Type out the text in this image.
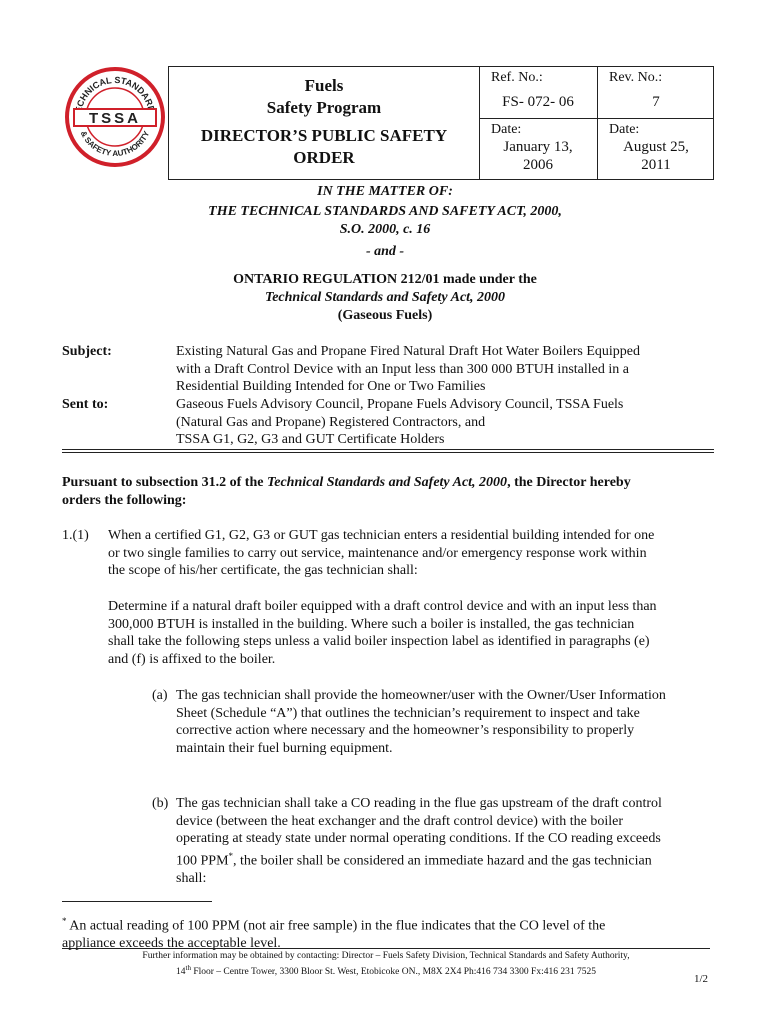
CHNICAL STANDAR
& SAFETY AUTHORITY
TSSA
Fuels
Safety Program
DIRECTOR’S PUBLIC SAFETY
ORDER
Ref. No.:
FS- 072- 06
Rev. No.:
7
Date:
January 13,
2006
Date:
August 25,
2011
IN THE MATTER OF:
THE TECHNICAL STANDARDS AND SAFETY ACT, 2000,
S.O. 2000, c. 16
- and -
ONTARIO REGULATION 212/01 made under the
Technical Standards and Safety Act, 2000
(Gaseous Fuels)
Subject:	Existing Natural Gas and Propane Fired Natural Draft Hot Water Boilers Equipped
with a Draft Control Device with an Input less than 300 000 BTUH installed in a
Residential Building Intended for One or Two Families
Sent to:	Gaseous Fuels Advisory Council, Propane Fuels Advisory Council, TSSA Fuels
(Natural Gas and Propane) Registered Contractors, and
TSSA G1, G2, G3 and GUT Certificate Holders
Pursuant to subsection 31.2 of the Technical Standards and Safety Act, 2000, the Director hereby
orders the following:
1.(1) When a certified G1, G2, G3 or GUT gas technician enters a residential building intended for one
or two single families to carry out service, maintenance and/or emergency response work within
the scope of his/her certificate, the gas technician shall:
Determine if a natural draft boiler equipped with a draft control device and with an input less than
300,000 BTUH is installed in the building. Where such a boiler is installed, the gas technician
shall take the following steps unless a valid boiler inspection label as identified in paragraphs (e)
and (f) is affixed to the boiler.
(a) The gas technician shall provide the homeowner/user with the Owner/User Information
Sheet (Schedule “A”) that outlines the technician’s requirement to inspect and take
corrective action where necessary and the homeowner’s responsibility to properly
maintain their fuel burning equipment.
(b) The gas technician shall take a CO reading in the flue gas upstream of the draft control
device (between the heat exchanger and the draft control device) with the boiler
operating at steady state under normal operating conditions. If the CO reading exceeds
100 PPM*, the boiler shall be considered an immediate hazard and the gas technician
shall:
* An actual reading of 100 PPM (not air free sample) in the flue indicates that the CO level of the
appliance exceeds the acceptable level.
Further information may be obtained by contacting: Director – Fuels Safety Division, Technical Standards and Safety Authority,
14th Floor – Centre Tower, 3300 Bloor St. West, Etobicoke ON., M8X 2X4 Ph:416 734 3300 Fx:416 231 7525
1/2
